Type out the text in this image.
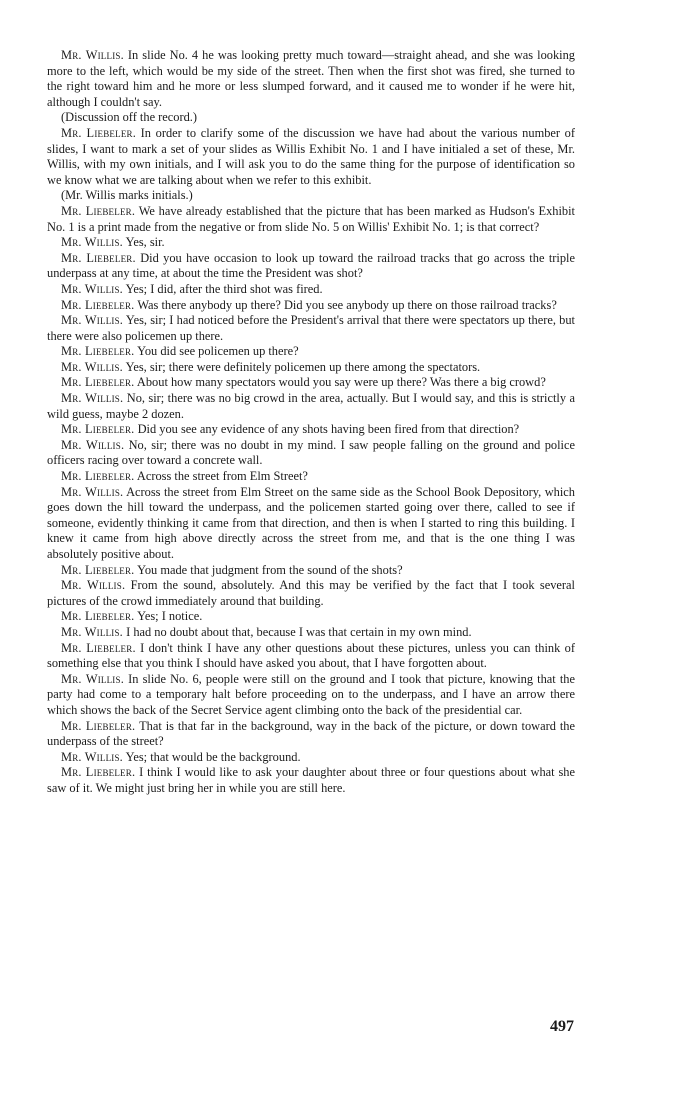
Mr. Willis. In slide No. 4 he was looking pretty much toward—straight ahead, and she was looking more to the left, which would be my side of the street. Then when the first shot was fired, she turned to the right toward him and he more or less slumped forward, and it caused me to wonder if he were hit, although I couldn't say.

(Discussion off the record.)

Mr. Liebeler. In order to clarify some of the discussion we have had about the various number of slides, I want to mark a set of your slides as Willis Exhibit No. 1 and I have initialed a set of these, Mr. Willis, with my own initials, and I will ask you to do the same thing for the purpose of identification so we know what we are talking about when we refer to this exhibit.

(Mr. Willis marks initials.)

Mr. Liebeler. We have already established that the picture that has been marked as Hudson's Exhibit No. 1 is a print made from the negative or from slide No. 5 on Willis' Exhibit No. 1; is that correct?

Mr. Willis. Yes, sir.

Mr. Liebeler. Did you have occasion to look up toward the railroad tracks that go across the triple underpass at any time, at about the time the President was shot?

Mr. Willis. Yes; I did, after the third shot was fired.

Mr. Liebeler. Was there anybody up there? Did you see anybody up there on those railroad tracks?

Mr. Willis. Yes, sir; I had noticed before the President's arrival that there were spectators up there, but there were also policemen up there.

Mr. Liebeler. You did see policemen up there?

Mr. Willis. Yes, sir; there were definitely policemen up there among the spectators.

Mr. Liebeler. About how many spectators would you say were up there? Was there a big crowd?

Mr. Willis. No, sir; there was no big crowd in the area, actually. But I would say, and this is strictly a wild guess, maybe 2 dozen.

Mr. Liebeler. Did you see any evidence of any shots having been fired from that direction?

Mr. Willis. No, sir; there was no doubt in my mind. I saw people falling on the ground and police officers racing over toward a concrete wall.

Mr. Liebeler. Across the street from Elm Street?

Mr. Willis. Across the street from Elm Street on the same side as the School Book Depository, which goes down the hill toward the underpass, and the policemen started going over there, called to see if someone, evidently thinking it came from that direction, and then is when I started to ring this building. I knew it came from high above directly across the street from me, and that is the one thing I was absolutely positive about.

Mr. Liebeler. You made that judgment from the sound of the shots?

Mr. Willis. From the sound, absolutely. And this may be verified by the fact that I took several pictures of the crowd immediately around that building.

Mr. Liebeler. Yes; I notice.

Mr. Willis. I had no doubt about that, because I was that certain in my own mind.

Mr. Liebeler. I don't think I have any other questions about these pictures, unless you can think of something else that you think I should have asked you about, that I have forgotten about.

Mr. Willis. In slide No. 6, people were still on the ground and I took that picture, knowing that the party had come to a temporary halt before proceeding on to the underpass, and I have an arrow there which shows the back of the Secret Service agent climbing onto the back of the presidential car.

Mr. Liebeler. That is that far in the background, way in the back of the picture, or down toward the underpass of the street?

Mr. Willis. Yes; that would be the background.

Mr. Liebeler. I think I would like to ask your daughter about three or four questions about what she saw of it. We might just bring her in while you are still here.

497
